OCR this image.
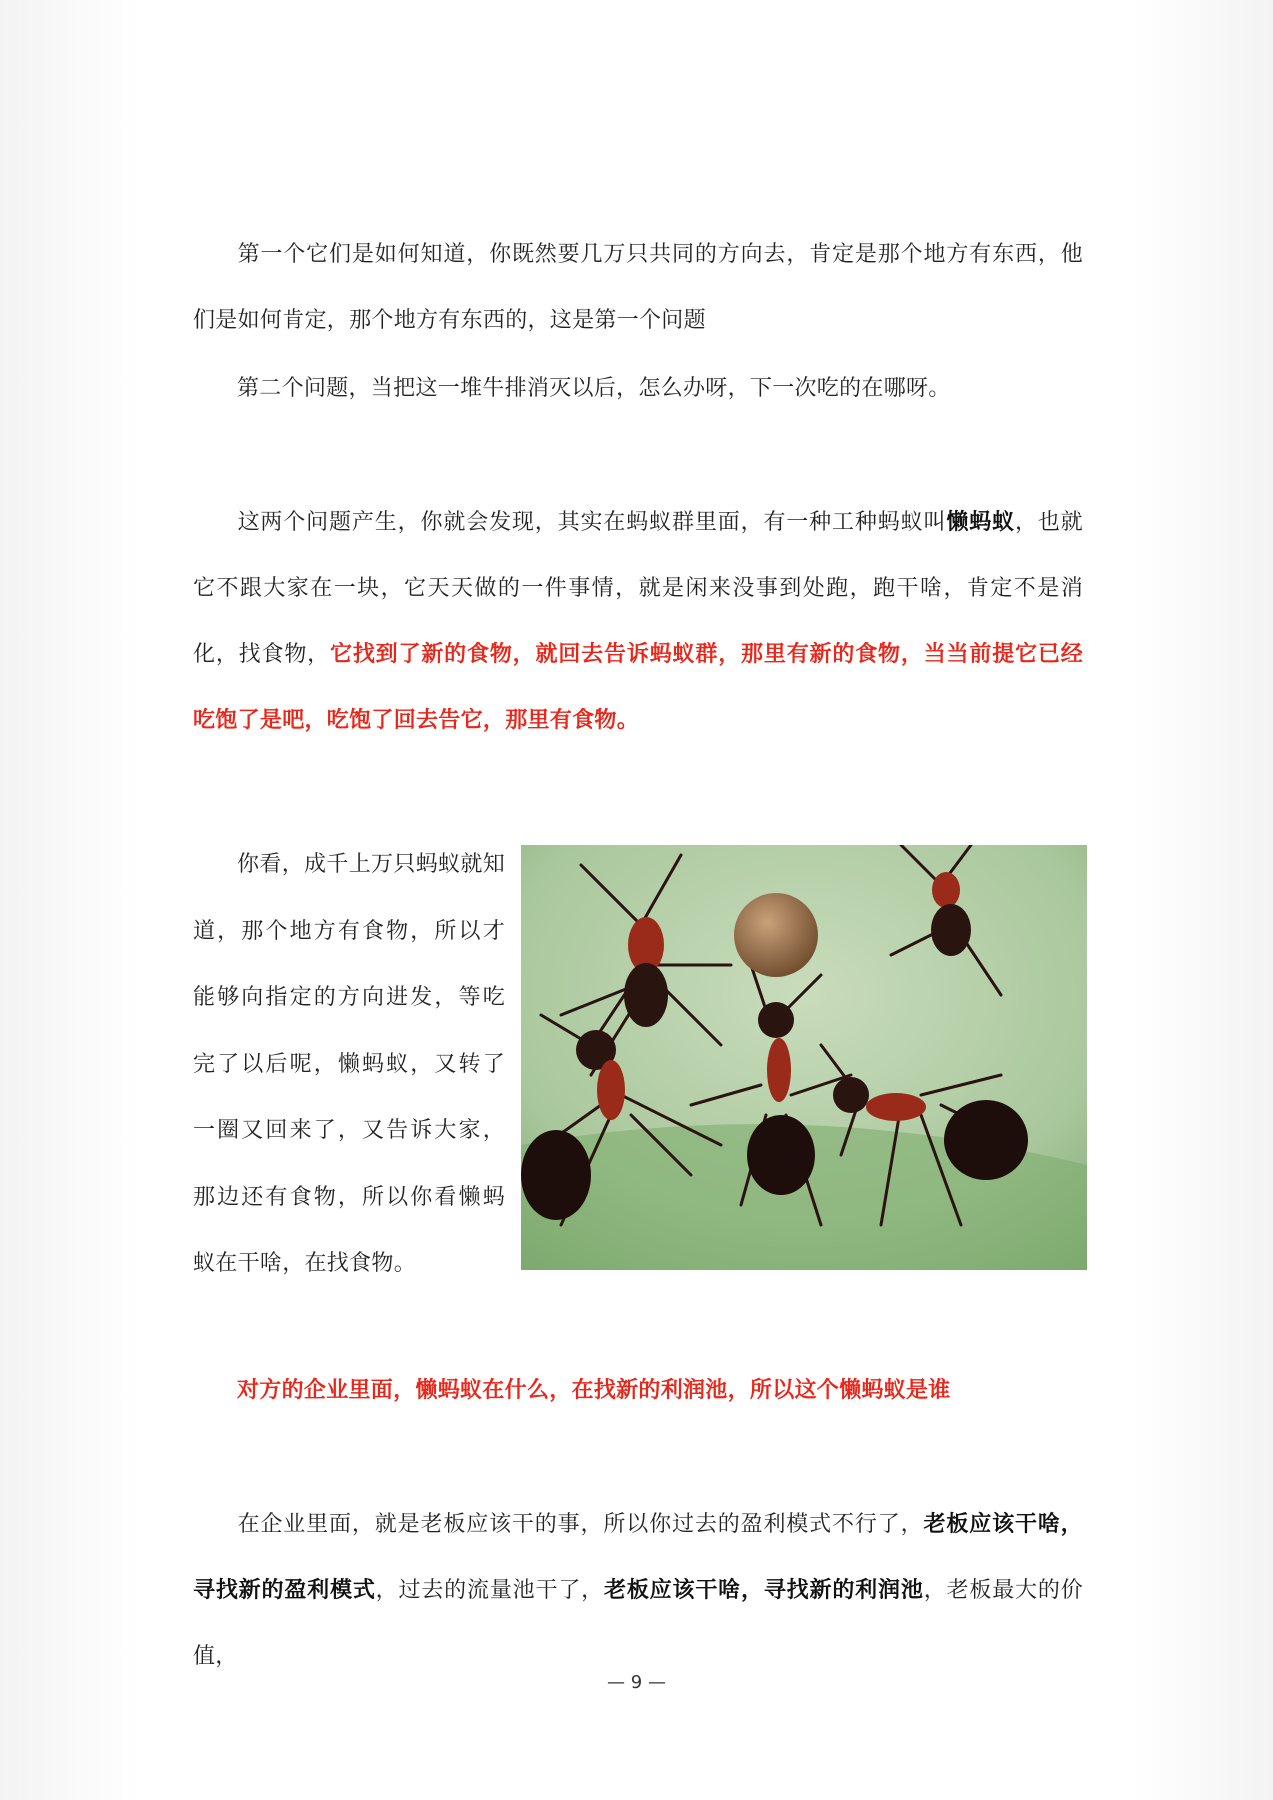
第一个它们是如何知道，你既然要几万只共同的方向去，肯定是那个地方有东西，他们是如何肯定，那个地方有东西的，这是第一个问题

第二个问题，当把这一堆牛排消灭以后，怎么办呀，下一次吃的在哪呀。

这两个问题产生，你就会发现，其实在蚂蚁群里面，有一种工种蚂蚁叫懒蚂蚁，也就它不跟大家在一块，它天天做的一件事情，就是闲来没事到处跑，跑干啥，肯定不是消化，找食物，它找到了新的食物，就回去告诉蚂蚁群，那里有新的食物，当当前提它已经吃饱了是吧，吃饱了回去告它，那里有食物。

你看，成千上万只蚂蚁就知道，那个地方有食物，所以才能够向指定的方向进发，等吃完了以后呢，懒蚂蚁，又转了一圈又回来了，又告诉大家，那边还有食物，所以你看懒蚂蚁在干啥，在找食物。

对方的企业里面，懒蚂蚁在什么，在找新的利润池，所以这个懒蚂蚁是谁

在企业里面，就是老板应该干的事，所以你过去的盈利模式不行了，老板应该干啥，寻找新的盈利模式，过去的流量池干了，老板应该干啥，寻找新的利润池，老板最大的价值，

— 9 —
